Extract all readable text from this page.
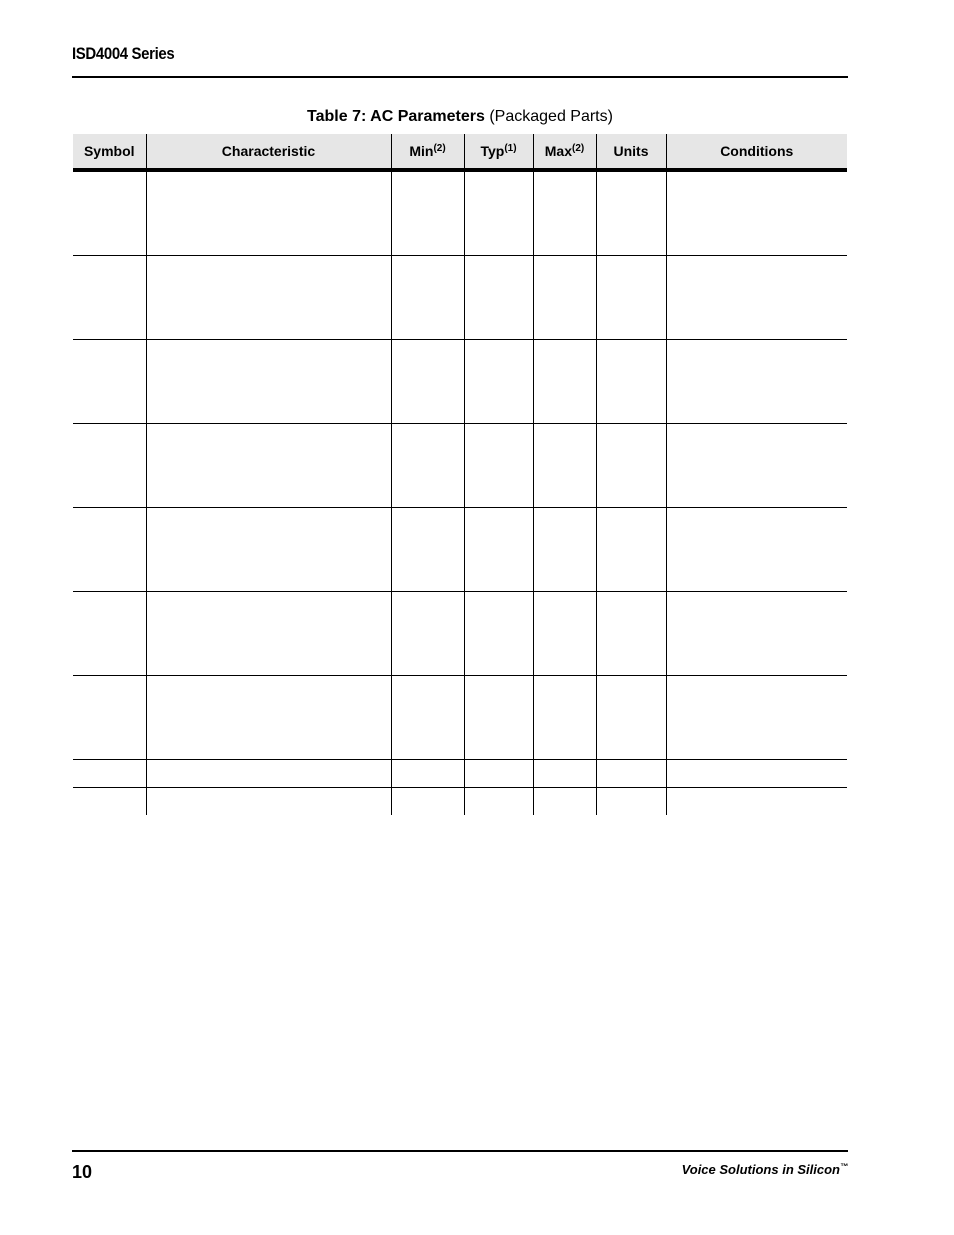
ISD4004 Series
Table 7: AC Parameters (Packaged Parts)
Symbol	Characteristic	Min$^{(2)}$	Typ$^{(1)}$	Max$^{(2)}$	Units	Conditions

10	Voice Solutions in Silicon™
